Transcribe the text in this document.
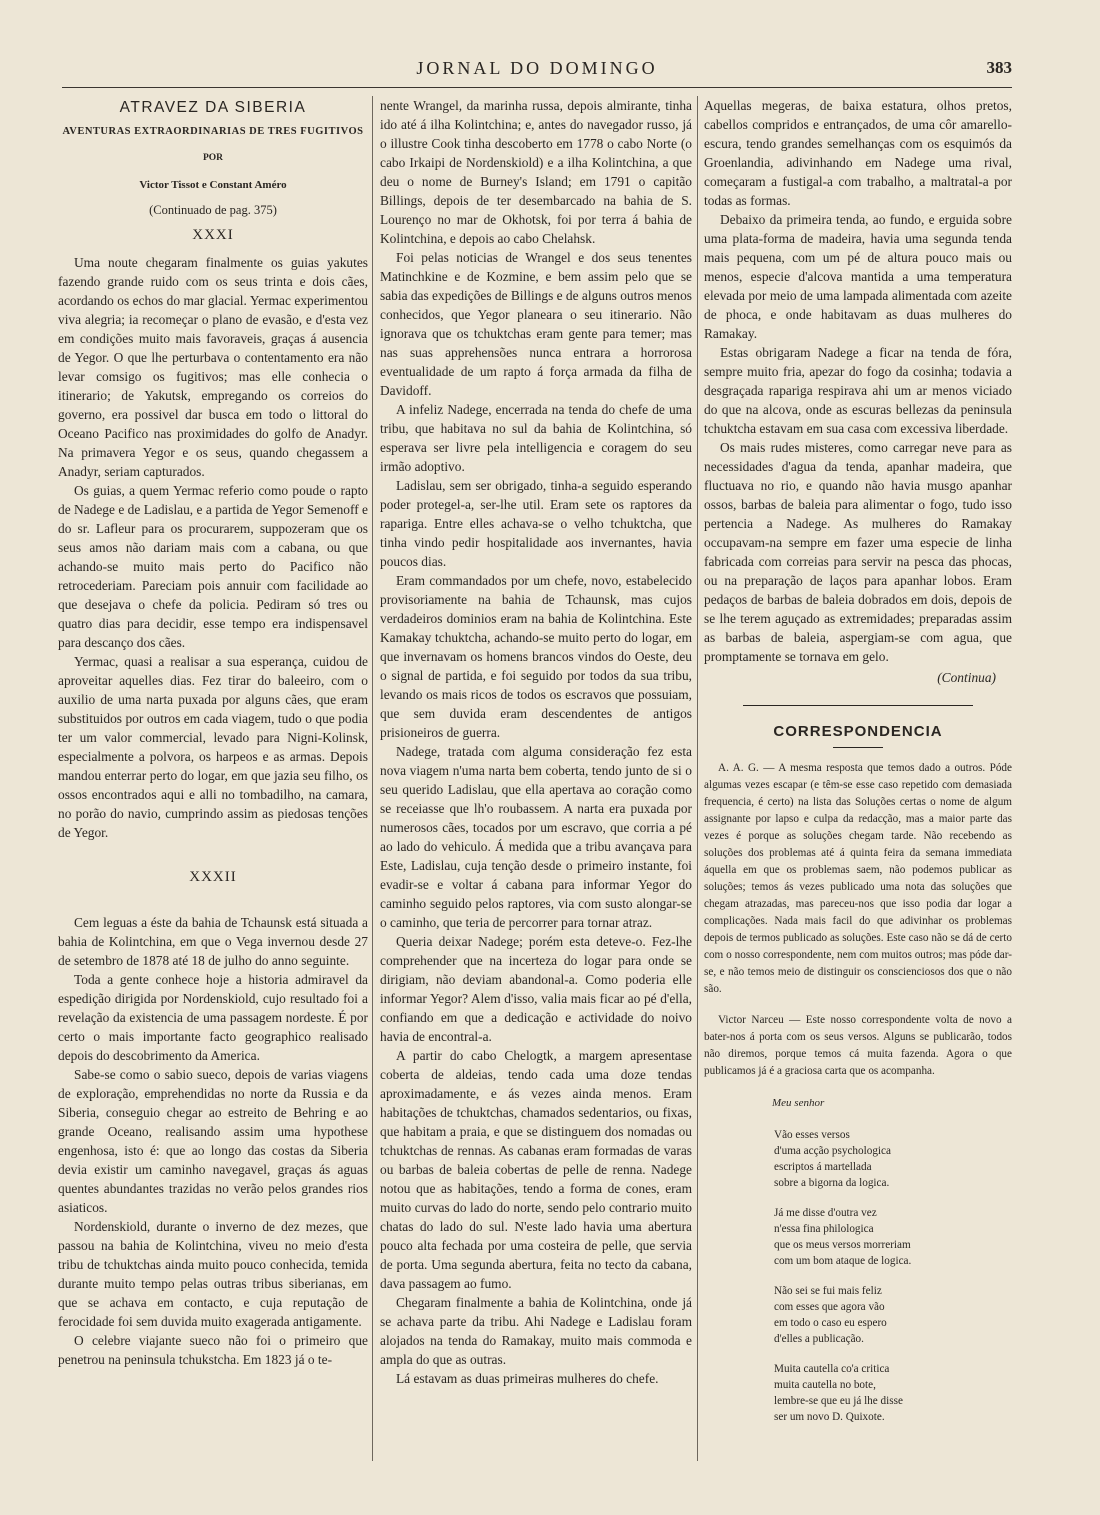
JORNAL DO DOMINGO	383
ATRAVEZ DA SIBERIA
AVENTURAS EXTRAORDINARIAS DE TRES FUGITIVOS
POR
Victor Tissot e Constant Améro
(Continuado de pag. 375)
XXXI

Uma noute chegaram finalmente os guias yakutes fazendo grande ruido com os seus trinta e dois cães, acordando os echos do mar glacial. Yermac experimentou viva alegria; ia recomeçar o plano de evasão, e d'esta vez em condições muito mais favoraveis, graças á ausencia de Yegor. O que lhe perturbava o contentamento era não levar comsigo os fugitivos; mas elle conhecia o itinerario; de Yakutsk, empregando os correios do governo, era possivel dar busca em todo o littoral do Oceano Pacifico nas proximidades do golfo de Anadyr. Na primavera Yegor e os seus, quando chegassem a Anadyr, seriam capturados.

Os guias, a quem Yermac referio como poude o rapto de Nadege e de Ladislau, e a partida de Yegor Semenoff e do sr. Lafleur para os procurarem, suppozeram que os seus amos não dariam mais com a cabana, ou que achando-se muito mais perto do Pacifico não retrocederiam. Pareciam pois annuir com facilidade ao que desejava o chefe da policia. Pediram só tres ou quatro dias para decidir, esse tempo era indispensavel para descanço dos cães.

Yermac, quasi a realisar a sua esperança, cuidou de aproveitar aquelles dias. Fez tirar do baleeiro, com o auxilio de uma narta puxada por alguns cães, que eram substituidos por outros em cada viagem, tudo o que podia ter um valor commercial, levado para Nigni-Kolinsk, especialmente a polvora, os harpeos e as armas. Depois mandou enterrar perto do logar, em que jazia seu filho, os ossos encontrados aqui e alli no tombadilho, na camara, no porão do navio, cumprindo assim as piedosas tenções de Yegor.

XXXII

Cem leguas a éste da bahia de Tchaunsk está situada a bahia de Kolintchina, em que o Vega invernou desde 27 de setembro de 1878 até 18 de julho do anno seguinte.

Toda a gente conhece hoje a historia admiravel da espedição dirigida por Nordenskiold, cujo resultado foi a revelação da existencia de uma passagem nordeste. É por certo o mais importante facto geographico realisado depois do descobrimento da America.

Sabe-se como o sabio sueco, depois de varias viagens de exploração, emprehendidas no norte da Russia e da Siberia, conseguio chegar ao estreito de Behring e ao grande Oceano, realisando assim uma hypothese engenhosa, isto é: que ao longo das costas da Siberia devia existir um caminho navegavel, graças ás aguas quentes abundantes trazidas no verão pelos grandes rios asiaticos.

Nordenskiold, durante o inverno de dez mezes, que passou na bahia de Kolintchina, viveu no meio d'esta tribu de tchuktchas ainda muito pouco conhecida, temida durante muito tempo pelas outras tribus siberianas, em que se achava em contacto, e cuja reputação de ferocidade foi sem duvida muito exagerada antigamente.

O celebre viajante sueco não foi o primeiro que penetrou na peninsula tchukstcha. Em 1823 já o te-

nente Wrangel, da marinha russa, depois almirante, tinha ido até á ilha Kolintchina; e, antes do navegador russo, já o illustre Cook tinha descoberto em 1778 o cabo Norte (o cabo Irkaipi de Nordenskiold) e a ilha Kolintchina, a que deu o nome de Burney's Island; em 1791 o capitão Billings, depois de ter desembarcado na bahia de S. Lourenço no mar de Okhotsk, foi por terra á bahia de Kolintchina, e depois ao cabo Chelahsk.

Foi pelas noticias de Wrangel e dos seus tenentes Matinchkine e de Kozmine, e bem assim pelo que se sabia das expedições de Billings e de alguns outros menos conhecidos, que Yegor planeara o seu itinerario. Não ignorava que os tchuktchas eram gente para temer; mas nas suas apprehensões nunca entrara a horrorosa eventualidade de um rapto á força armada da filha de Davidoff.

A infeliz Nadege, encerrada na tenda do chefe de uma tribu, que habitava no sul da bahia de Kolintchina, só esperava ser livre pela intelligencia e coragem do seu irmão adoptivo.

Ladislau, sem ser obrigado, tinha-a seguido esperando poder protegel-a, ser-lhe util. Eram sete os raptores da rapariga. Entre elles achava-se o velho tchuktcha, que tinha vindo pedir hospitalidade aos invernantes, havia poucos dias.

Eram commandados por um chefe, novo, estabelecido provisoriamente na bahia de Tchaunsk, mas cujos verdadeiros dominios eram na bahia de Kolintchina. Este Kamakay tchuktcha, achando-se muito perto do logar, em que invernavam os homens brancos vindos do Oeste, deu o signal de partida, e foi seguido por todos da sua tribu, levando os mais ricos de todos os escravos que possuiam, que sem duvida eram descendentes de antigos prisioneiros de guerra.

Nadege, tratada com alguma consideração fez esta nova viagem n'uma narta bem coberta, tendo junto de si o seu querido Ladislau, que ella apertava ao coração como se receiasse que lh'o roubassem. A narta era puxada por numerosos cães, tocados por um escravo, que corria a pé ao lado do vehiculo. Á medida que a tribu avançava para Este, Ladislau, cuja tenção desde o primeiro instante, foi evadir-se e voltar á cabana para informar Yegor do caminho seguido pelos raptores, via com susto alongar-se o caminho, que teria de percorrer para tornar atraz.

Queria deixar Nadege; porém esta deteve-o. Fez-lhe comprehender que na incerteza do logar para onde se dirigiam, não deviam abandonal-a. Como poderia elle informar Yegor? Alem d'isso, valia mais ficar ao pé d'ella, confiando em que a dedicação e actividade do noivo havia de encontral-a.

A partir do cabo Chelogtk, a margem apresentase coberta de aldeias, tendo cada uma doze tendas aproximadamente, e ás vezes ainda menos. Eram habitações de tchuktchas, chamados sedentarios, ou fixas, que habitam a praia, e que se distinguem dos nomadas ou tchuktchas de rennas. As cabanas eram formadas de varas ou barbas de baleia cobertas de pelle de renna. Nadege notou que as habitações, tendo a forma de cones, eram muito curvas do lado do norte, sendo pelo contrario muito chatas do lado do sul. N'este lado havia uma abertura pouco alta fechada por uma costeira de pelle, que servia de porta. Uma segunda abertura, feita no tecto da cabana, dava passagem ao fumo.

Chegaram finalmente a bahia de Kolintchina, onde já se achava parte da tribu. Ahi Nadege e Ladislau foram alojados na tenda do Ramakay, muito mais commoda e ampla do que as outras.

Lá estavam as duas primeiras mulheres do chefe.

Aquellas megeras, de baixa estatura, olhos pretos, cabellos compridos e entrançados, de uma côr amarello-escura, tendo grandes semelhanças com os esquimós da Groenlandia, adivinhando em Nadege uma rival, começaram a fustigal-a com trabalho, a maltratal-a por todas as formas.

Debaixo da primeira tenda, ao fundo, e erguida sobre uma plata-forma de madeira, havia uma segunda tenda mais pequena, com um pé de altura pouco mais ou menos, especie d'alcova mantida a uma temperatura elevada por meio de uma lampada alimentada com azeite de phoca, e onde habitavam as duas mulheres do Ramakay.

Estas obrigaram Nadege a ficar na tenda de fóra, sempre muito fria, apezar do fogo da cosinha; todavia a desgraçada rapariga respirava ahi um ar menos viciado do que na alcova, onde as escuras bellezas da peninsula tchuktcha estavam em sua casa com excessiva liberdade.

Os mais rudes misteres, como carregar neve para as necessidades d'agua da tenda, apanhar madeira, que fluctuava no rio, e quando não havia musgo apanhar ossos, barbas de baleia para alimentar o fogo, tudo isso pertencia a Nadege. As mulheres do Ramakay occupavam-na sempre em fazer uma especie de linha fabricada com correias para servir na pesca das phocas, ou na preparação de laços para apanhar lobos. Eram pedaços de barbas de baleia dobrados em dois, depois de se lhe terem aguçado as extremidades; preparadas assim as barbas de baleia, aspergiam-se com agua, que promptamente se tornava em gelo.

(Continua)
CORRESPONDENCIA

A. A. G. — A mesma resposta que temos dado a outros. Póde algumas vezes escapar (e têm-se esse caso repetido com demasiada frequencia, é certo) na lista das Soluções certas o nome de algum assignante por lapso e culpa da redacção, mas a maior parte das vezes é porque as soluções chegam tarde. Não recebendo as soluções dos problemas até á quinta feira da semana immediata áquella em que os problemas saem, não podemos publicar as soluções; temos ás vezes publicado uma nota das soluções que chegam atrazadas, mas pareceu-nos que isso podia dar logar a complicações. Nada mais facil do que adivinhar os problemas depois de termos publicado as soluções. Este caso não se dá de certo com o nosso correspondente, nem com muitos outros; mas póde dar-se, e não temos meio de distinguir os conscienciosos dos que o não são.

Victor Narceu — Este nosso correspondente volta de novo a bater-nos á porta com os seus versos. Alguns se publicarão, todos não diremos, porque temos cá muita fazenda. Agora o que publicamos já é a graciosa carta que os acompanha.

Meu senhor
Vão esses versos
d'uma acção psychologica
escriptos á martellada
sobre a bigorna da logica.
Já me disse d'outra vez
n'essa fina philologica
que os meus versos morreriam
com um bom ataque de logica.
Não sei se fui mais feliz
com esses que agora vão
em todo o caso eu espero
d'elles a publicação.
Muita cautella co'a critica
muita cautella no bote,
lembre-se que eu já lhe disse
ser um novo D. Quixote.
